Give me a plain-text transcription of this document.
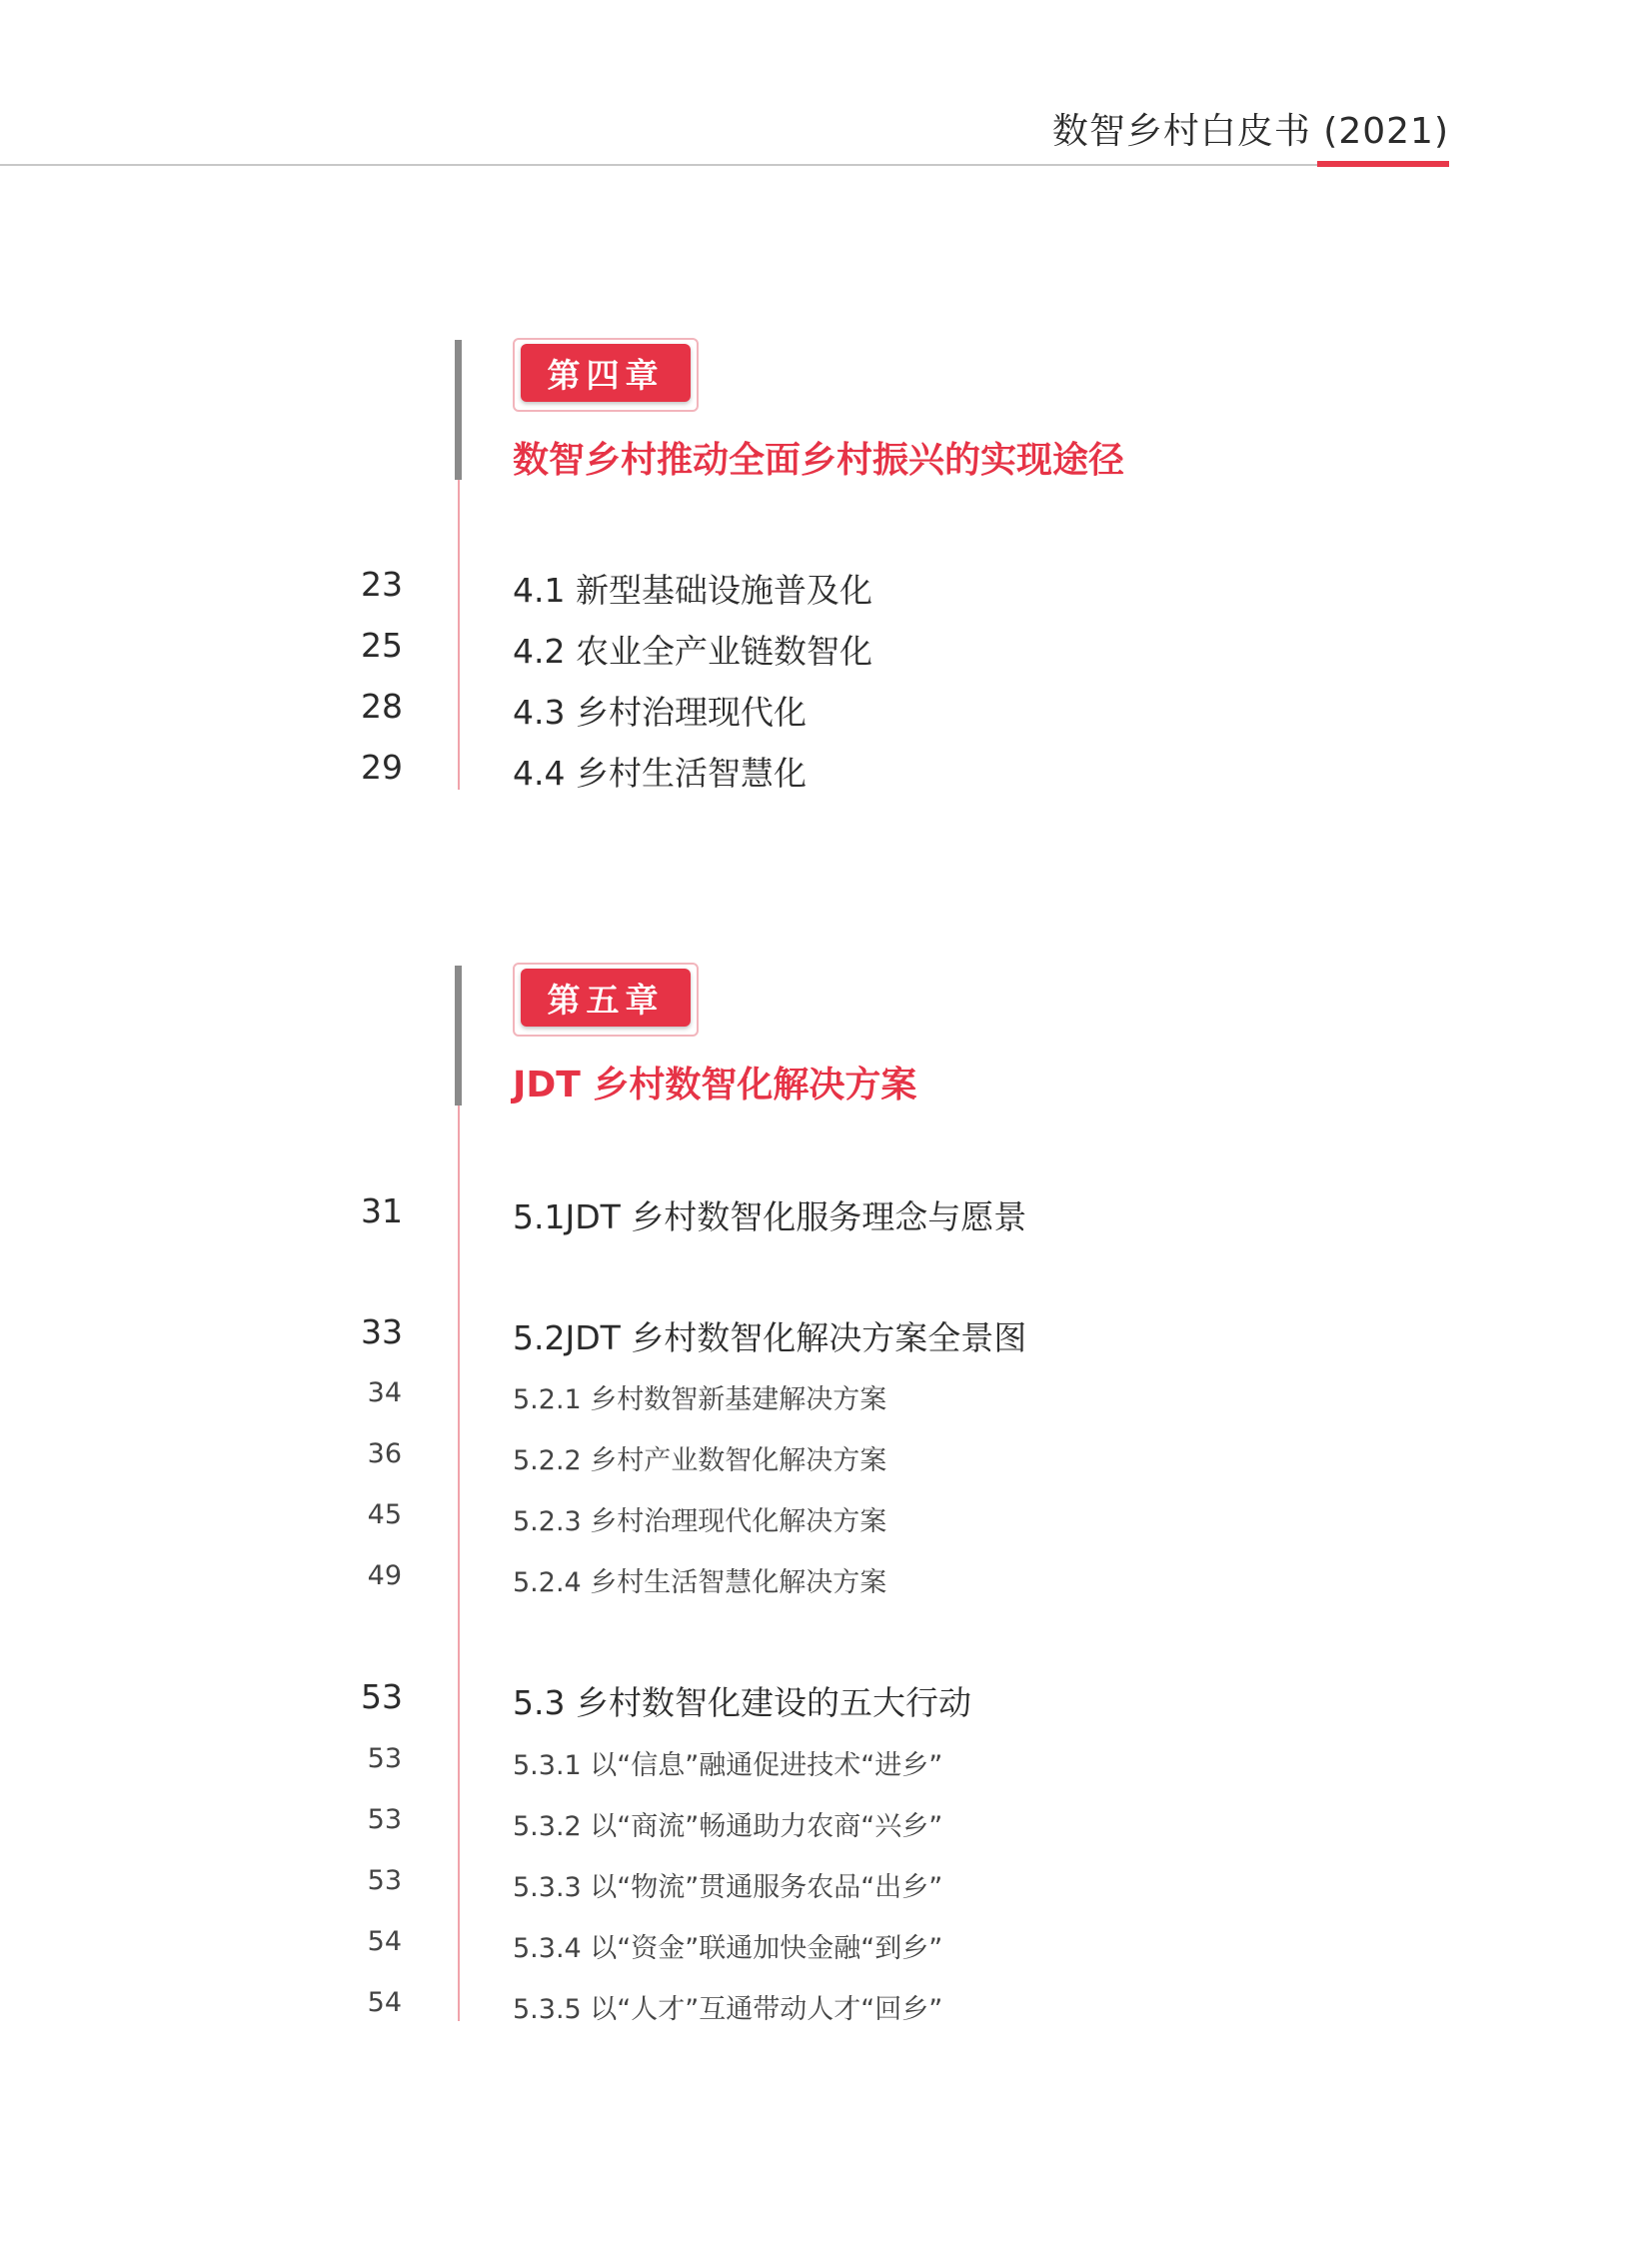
数智乡村白皮书 (2021)
第四章
数智乡村推动全面乡村振兴的实现途径
23	4.1 新型基础设施普及化
25	4.2 农业全产业链数智化
28	4.3 乡村治理现代化
29	4.4 乡村生活智慧化
第五章
JDT 乡村数智化解决方案
31	5.1JDT 乡村数智化服务理念与愿景
33	5.2JDT 乡村数智化解决方案全景图
34	5.2.1 乡村数智新基建解决方案
36	5.2.2 乡村产业数智化解决方案
45	5.2.3 乡村治理现代化解决方案
49	5.2.4 乡村生活智慧化解决方案
53	5.3 乡村数智化建设的五大行动
53	5.3.1 以“信息”融通促进技术“进乡”
53	5.3.2 以“商流”畅通助力农商“兴乡”
53	5.3.3 以“物流”贯通服务农品“出乡”
54	5.3.4 以“资金”联通加快金融“到乡”
54	5.3.5 以“人才”互通带动人才“回乡”
